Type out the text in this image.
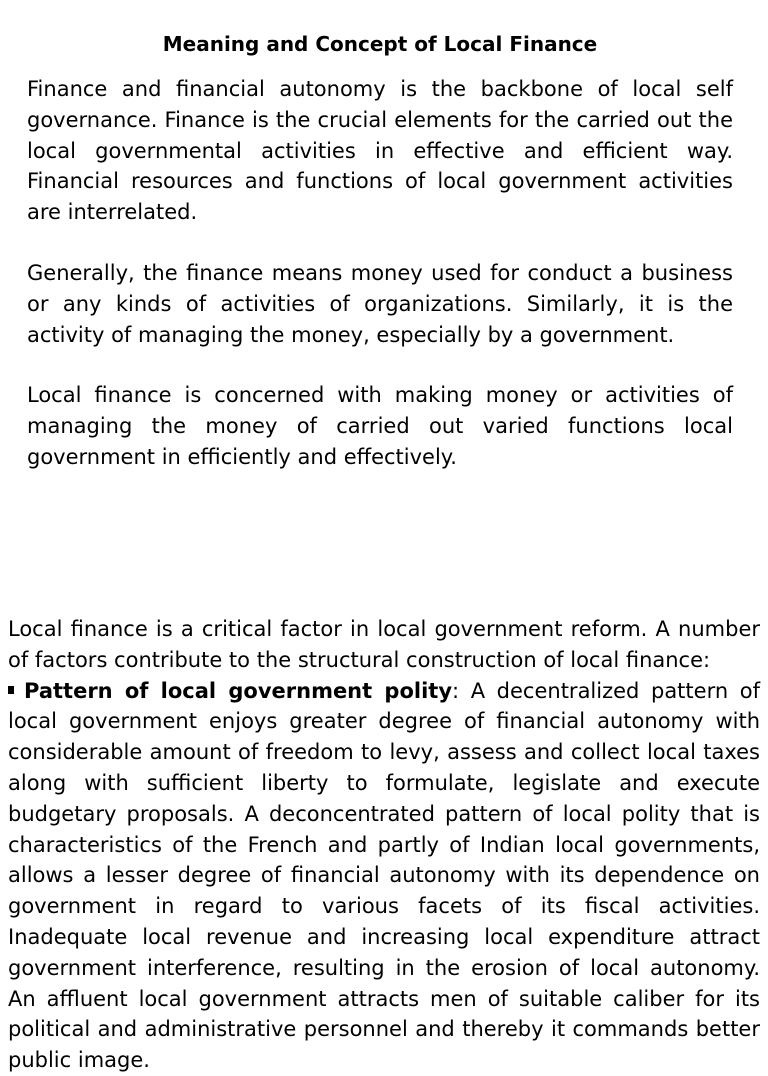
Meaning and Concept of Local Finance

Finance and financial autonomy is the backbone of local self governance. Finance is the crucial elements for the carried out the local governmental activities in effective and efficient way. Financial resources and functions of local government activities are interrelated.

Generally, the finance means money used for conduct a business or any kinds of activities of organizations. Similarly, it is the activity of managing the money, especially by a government.

Local finance is concerned with making money or activities of managing the money of carried out varied functions local government in efficiently and effectively.

Local finance is a critical factor in local government reform. A number of factors contribute to the structural construction of local finance:

Pattern of local government polity: A decentralized pattern of local government enjoys greater degree of financial autonomy with considerable amount of freedom to levy, assess and collect local taxes along with sufficient liberty to formulate, legislate and execute budgetary proposals. A deconcentrated pattern of local polity that is characteristics of the French and partly of Indian local governments, allows a lesser degree of financial autonomy with its dependence on government in regard to various facets of its fiscal activities. Inadequate local revenue and increasing local expenditure attract government interference, resulting in the erosion of local autonomy. An affluent local government attracts men of suitable caliber for its political and administrative personnel and thereby it commands better public image.
